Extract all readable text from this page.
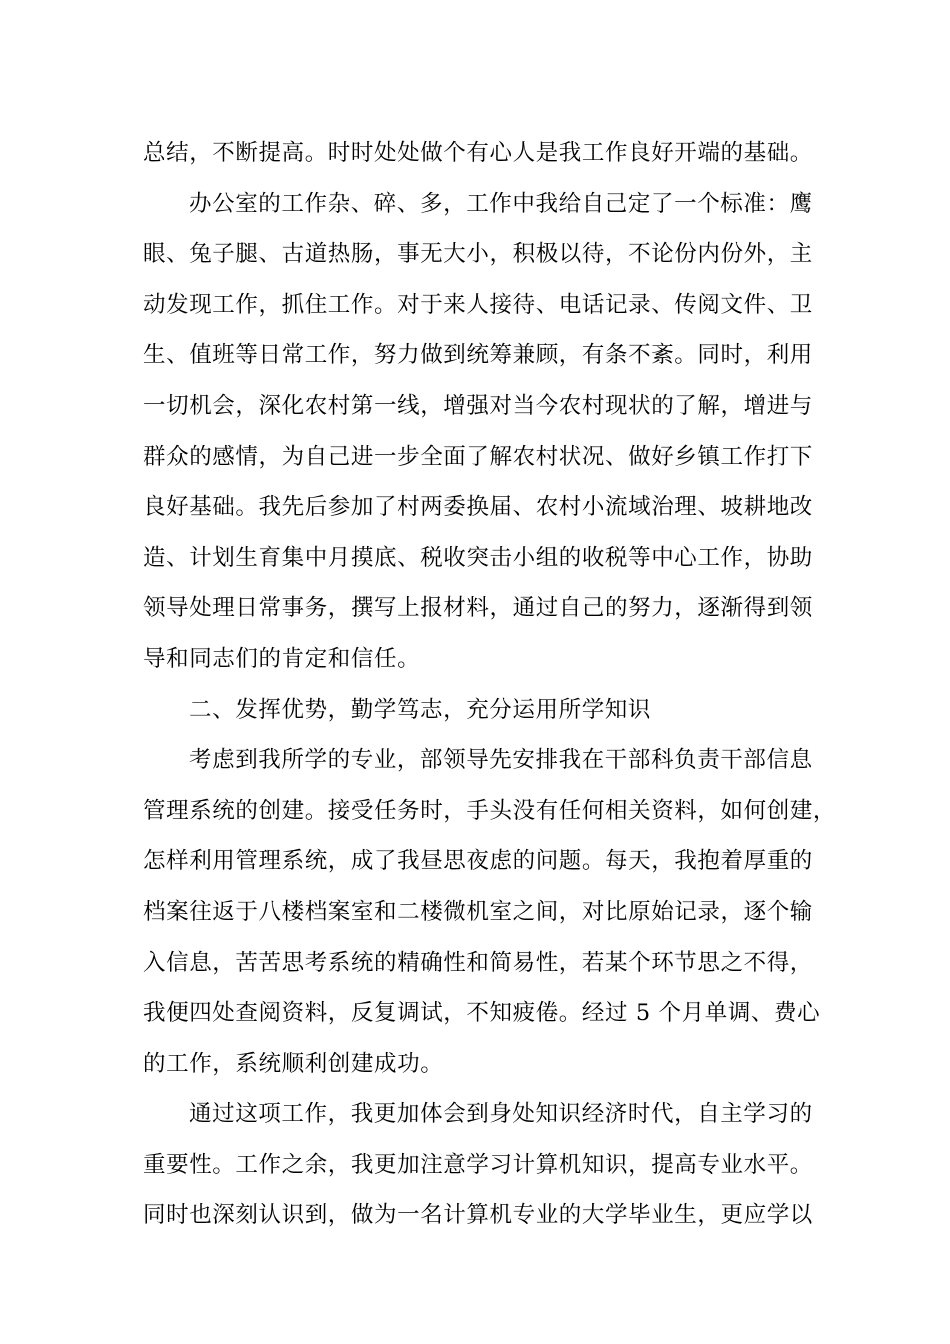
总结，不断提高。时时处处做个有心人是我工作良好开端的基础。
办公室的工作杂、碎、多，工作中我给自己定了一个标准：鹰
眼、兔子腿、古道热肠，事无大小，积极以待，不论份内份外，主
动发现工作，抓住工作。对于来人接待、电话记录、传阅文件、卫
生、值班等日常工作，努力做到统筹兼顾，有条不紊。同时，利用
一切机会，深化农村第一线，增强对当今农村现状的了解，增进与
群众的感情，为自己进一步全面了解农村状况、做好乡镇工作打下
良好基础。我先后参加了村两委换届、农村小流域治理、坡耕地改
造、计划生育集中月摸底、税收突击小组的收税等中心工作，协助
领导处理日常事务，撰写上报材料，通过自己的努力，逐渐得到领
导和同志们的肯定和信任。
二、发挥优势，勤学笃志，充分运用所学知识
考虑到我所学的专业，部领导先安排我在干部科负责干部信息
管理系统的创建。接受任务时，手头没有任何相关资料，如何创建，
怎样利用管理系统，成了我昼思夜虑的问题。每天，我抱着厚重的
档案往返于八楼档案室和二楼微机室之间，对比原始记录，逐个输
入信息，苦苦思考系统的精确性和简易性，若某个环节思之不得，
我便四处查阅资料，反复调试，不知疲倦。经过 5 个月单调、费心
的工作，系统顺利创建成功。
通过这项工作，我更加体会到身处知识经济时代，自主学习的
重要性。工作之余，我更加注意学习计算机知识，提高专业水平。
同时也深刻认识到，做为一名计算机专业的大学毕业生，更应学以
